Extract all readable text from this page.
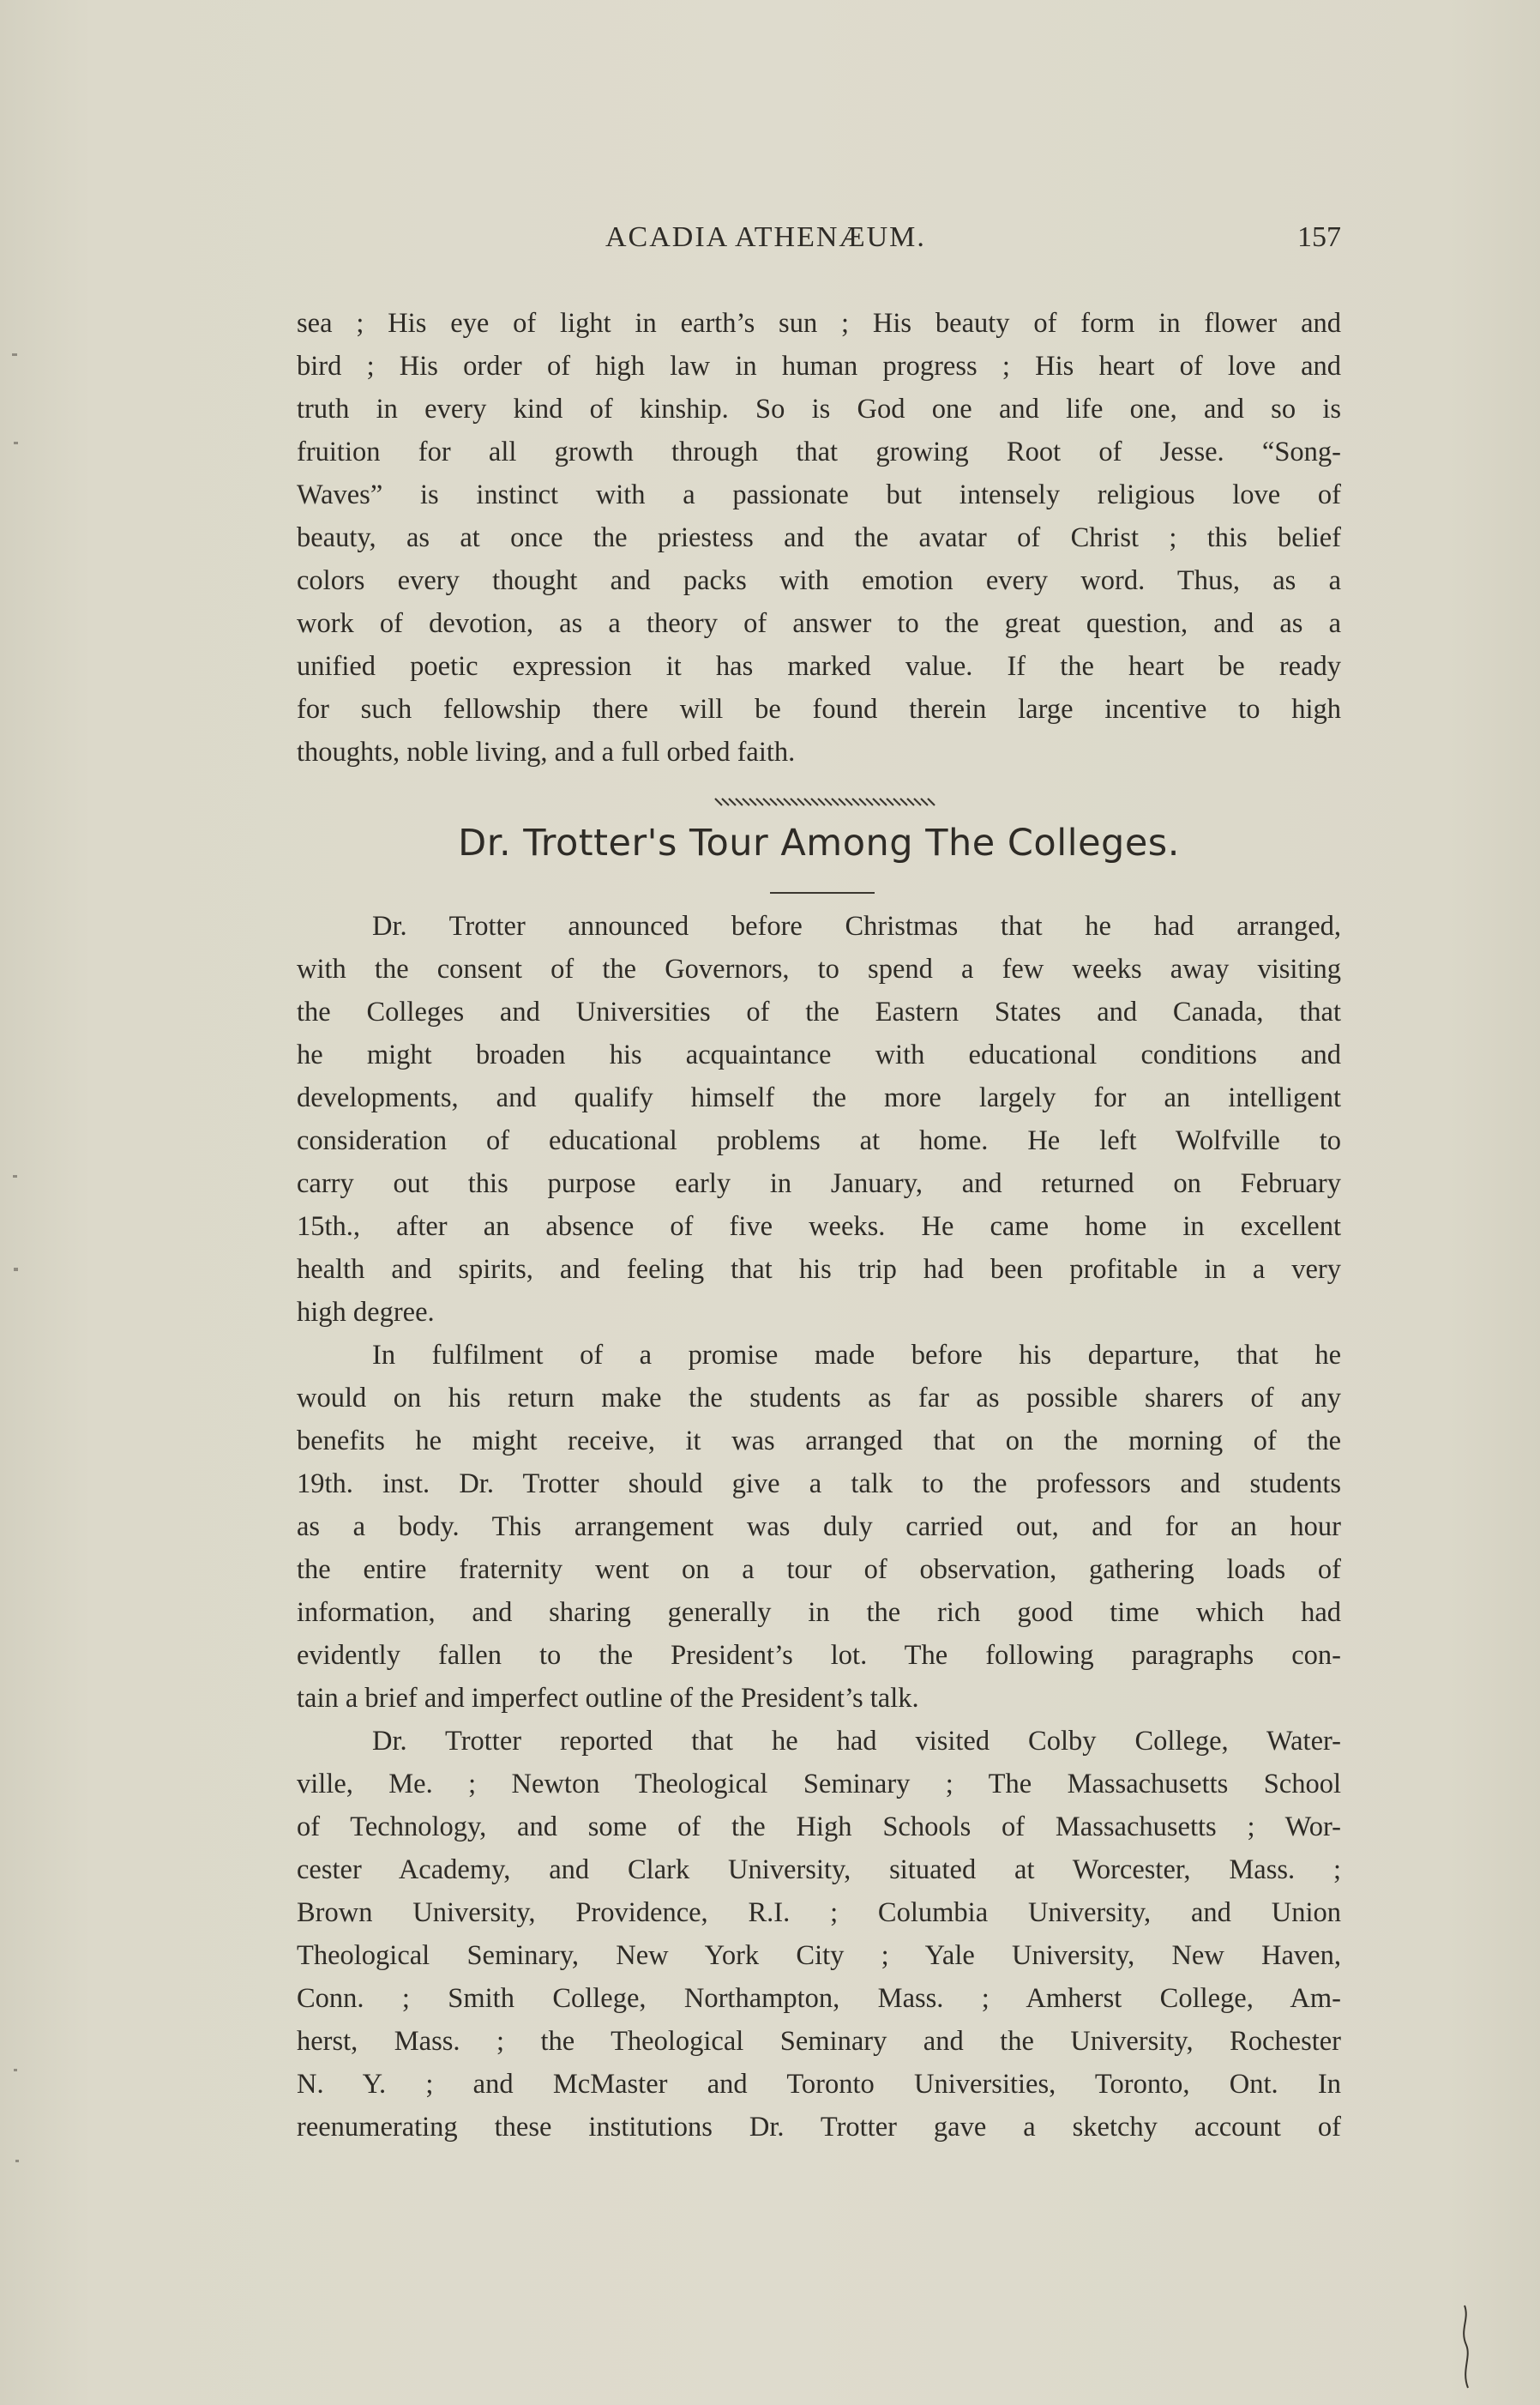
ACADIA ATHENÆUM.	157

sea ; His eye of light in earth’s sun ; His beauty of form in flower and

bird ; His order of high law in human progress ; His heart of love and

truth in every kind of kinship. So is God one and life one, and so is

fruition for all growth through that growing Root of Jesse. “Song-

Waves” is instinct with a passionate but intensely religious love of

beauty, as at once the priestess and the avatar of Christ ; this belief

colors every thought and packs with emotion every word. Thus, as a

work of devotion, as a theory of answer to the great question, and as a

unified poetic expression it has marked value. If the heart be ready

for such fellowship there will be found therein large incentive to high

thoughts, noble living, and a full orbed faith.

Dr. Trotter's Tour Among The Colleges.

Dr. Trotter announced before Christmas that he had arranged,

with the consent of the Governors, to spend a few weeks away visiting

the Colleges and Universities of the Eastern States and Canada, that

he might broaden his acquaintance with educational conditions and

developments, and qualify himself the more largely for an intelligent

consideration of educational problems at home. He left Wolfville to

carry out this purpose early in January, and returned on February

15th., after an absence of five weeks. He came home in excellent

health and spirits, and feeling that his trip had been profitable in a very

high degree.

In fulfilment of a promise made before his departure, that he

would on his return make the students as far as possible sharers of any

benefits he might receive, it was arranged that on the morning of the

19th. inst. Dr. Trotter should give a talk to the professors and students

as a body. This arrangement was duly carried out, and for an hour

the entire fraternity went on a tour of observation, gathering loads of

information, and sharing generally in the rich good time which had

evidently fallen to the President’s lot. The following paragraphs con-

tain a brief and imperfect outline of the President’s talk.

Dr. Trotter reported that he had visited Colby College, Water-

ville, Me. ; Newton Theological Seminary ; The Massachusetts School

of Technology, and some of the High Schools of Massachusetts ; Wor-

cester Academy, and Clark University, situated at Worcester, Mass. ;

Brown University, Providence, R.I. ; Columbia University, and Union

Theological Seminary, New York City ; Yale University, New Haven,

Conn. ; Smith College, Northampton, Mass. ; Amherst College, Am-

herst, Mass. ; the Theological Seminary and the University, Rochester

N. Y. ; and McMaster and Toronto Universities, Toronto, Ont. In

reenumerating these institutions Dr. Trotter gave a sketchy account of
